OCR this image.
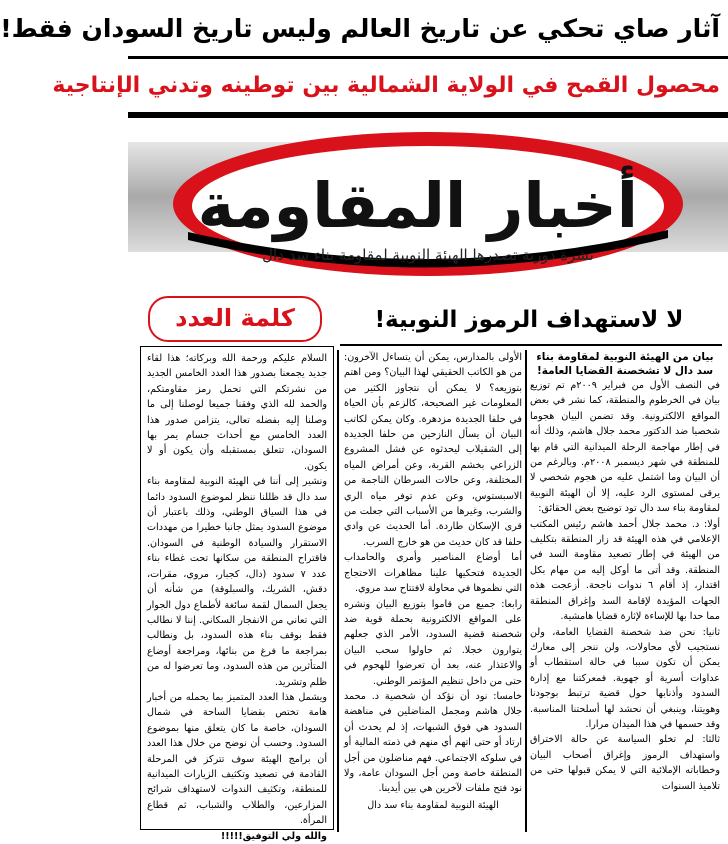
آثار صاي تحكي عن تاريخ العالم وليس تاريخ السودان فقط!
محصول القمح في الولاية الشمالية بين توطينه وتدني الإنتاجية
أخبار المقاومة
نشرة دورية تصدرها الهيئة النوبية لمقاومة بناء سد دال
لا لاستهداف الرموز النوبية!
كلمة العدد

بيان من الهيئة النوبية لمقاومة بناء سد دال لا تشخصنة القضايا العامة!

في النصف الأول من فبراير ٢٠٠٩م تم توزيع بيان في الخرطوم والمنطقة، كما نشر في بعض المواقع الالكترونية. وقد تضمن البيان هجوما شخصيا ضد الدكتور محمد جلال هاشم، وذلك أنه في إطار مهاجمة الرحلة الميدانية التي قام بها للمنطقة في شهر ديسمبر ٢٠٠٨م. وبالرغم من أن البيان وما اشتمل عليه من هجوم شخصي لا يرقى لمستوى الرد عليه، إلا أن الهيئة النوبية لمقاومة بناء سد دال تود توضيح بعض الحقائق:

أولا: د. محمد جلال أحمد هاشم رئيس المكتب الإعلامي في هذه الهيئة قد زار المنطقة بتكليف من الهيئة في إطار تصعيد مقاومة السد في المنطقة. وقد أتى ما أوكل إليه من مهام بكل اقتدار، إذ أقام ٦ ندوات ناجحة. أزعجت هذه الجهات المؤيدة لإقامة السد وإغراق المنطقة مما حدا بها للإساءة لإثارة قضايا هامشية.

ثانيا: نحن ضد شخصنة القضايا العامة، ولن نستجيب لأي محاولات، ولن ننجر إلى معارك يمكن أن تكون سببا في حالة استقطاب أو عداوات أسرية أو جهوية. فمعركتنا مع إدارة السدود وأذنابها حول قضية ترتبط بوجودنا وهويتنا، وينبغي أن نحشد لها أسلحتنا المناسبة. وقد حسمها في هذا الميدان مرارا.

ثالثا: لم تخلو السياسة عن حالة الاختراق واستهداف الرموز وإغراق أصحاب البيان وخطاباته الإملائية التي لا يمكن قبولها حتى من تلاميذ السنوات

الأولى بالمدارس، يمكن أن يتساءل الآخرون: من هو الكاتب الحقيقي لهذا البيان؟ ومن اهتم بتوزيعه؟ لا يمكن أن نتجاوز الكثير من المعلومات غير الصحيحة، كالزعم بأن الحياة في حلفا الجديدة مزدهرة. وكان يمكن لكاتب البيان أن يسأل النازحين من حلفا الجديدة إلى الشقيلاب ليحدثوه عن فشل المشروع الزراعي بخشم القربة، وعن أمراض المياه المختلفة، وعن حالات السرطان الناجمة من الاسبستوس، وعن عدم توفر مياه الري والشرب، وغيرها من الأسباب التي جعلت من قرى الإسكان طاردة. أما الحديث عن وادي حلفا قد كان حديث من هو خارج السرب.

أما أوضاع المناصير وأمري والحامداب الجديدة فتحكيها علينا مظاهرات الاحتجاج التي نظموها في محاولة لافتتاح سد مروي.

رابعا: جميع من قاموا بتوزيع البيان ونشره على المواقع الالكترونية بحملة قوية ضد شخصنة قضية السدود، الأمر الذي جعلهم يتوارون خجلا. ثم حاولوا سحب البيان والاعتذار عنه، بعد أن تعرضوا للهجوم في حتى من داخل تنظيم المؤتمر الوطني.

خامسا: نود أن نؤكد أن شخصية د. محمد جلال هاشم ومجمل المناضلين في مناهضة السدود هي فوق الشبهات، إذ لم يحدث أن ارتاد أو حتى اتهم أي منهم في ذمته المالية أو في سلوكه الاجتماعي. فهم مناضلون من أجل المنطقة خاصة ومن أجل السودان عامة، ولا نود فتح ملفات لآخرين هي بين أيدينا.

الهيئة النوبية لمقاومة بناء سد دال

السلام عليكم ورحمة الله وبركاته؛ هذا لقاء جديد يجمعنا بصدور هذا العدد الخامس الجديد من نشرتكم التي تحمل رمز مقاومتكم، والحمد لله الذي وفقنا جميعا لوصلنا إلى ما وصلنا إليه بفضله تعالى، يتزامن صدور هذا العدد الخامس مع أحداث جسام يمر بها السودان، تتعلق بمستقبله وأن يكون أو لا يكون.

ونشير إلى أننا في الهيئة النوبية لمقاومة بناء سد دال قد ظللنا ننظر لموضوع السدود دائما في هذا السياق الوطني، وذلك باعتبار أن موضوع السدود يمثل جانبا خطيرا من مهددات الاستقرار والسيادة الوطنية في السودان. فاقتراح المنطقة من سكانها تحت غطاء بناء عدد ٧ سدود (دال، كجبار، مروي، مقرات، دقش، الشريك، والسبلوقة) من شأنه أن يجعل السمال لقمة سائغة لأطماع دول الجوار التي تعاني من الانفجار السكاني. إننا لا نطالب فقط بوقف بناء هذه السدود، بل ونطالب بمراجعة ما فرغ من بنائها، ومراجعة أوضاع المتأثرين من هذه السدود، وما تعرضوا له من ظلم وتشريد.

ويشمل هذا العدد المتميز بما يحمله من أخبار هامة تختص بقضايا الساحة في شمال السودان، خاصة ما كان يتعلق منها بموضوع السدود. وحسب أن نوضح من خلال هذا العدد أن برامج الهيئة سوف تتركز في المرحلة القادمة في تصعيد وتكثيف الزيارات الميدانية للمنطقة، وتكثيف الندوات لاستهداف شرائح المزارعين، والطلاب والشباب، ثم قطاع المرأة.

والله ولي التوفيق!!!!!
